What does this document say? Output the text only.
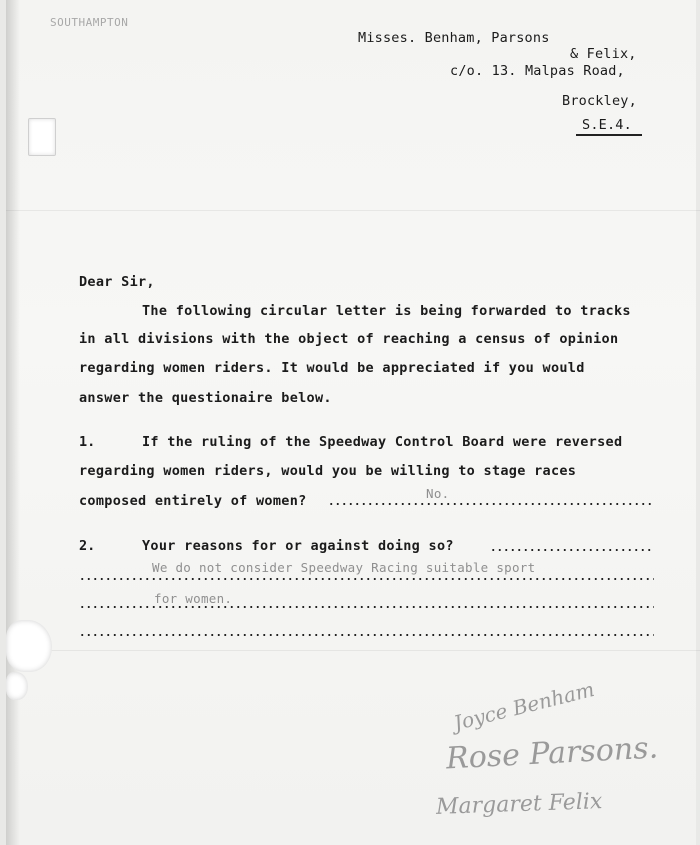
SOUTHAMPTON
Misses. Benham, Parsons
& Felix,
c/o. 13. Malpas Road,
Brockley,
S.E.4.
Dear Sir,
The following circular letter is being forwarded to tracks
in all divisions with the object of reaching a census of opinion
regarding women riders. It would be appreciated if you would
answer the questionaire below.
1.	If the ruling of the Speedway Control Board were reversed
regarding women riders, would you be willing to stage races
composed entirely of women?	No.
2.	Your reasons for or against doing so?
We do not consider Speedway Racing suitable sport
for women.
Joyce Benham
Rose Parsons.
Margaret Felix
